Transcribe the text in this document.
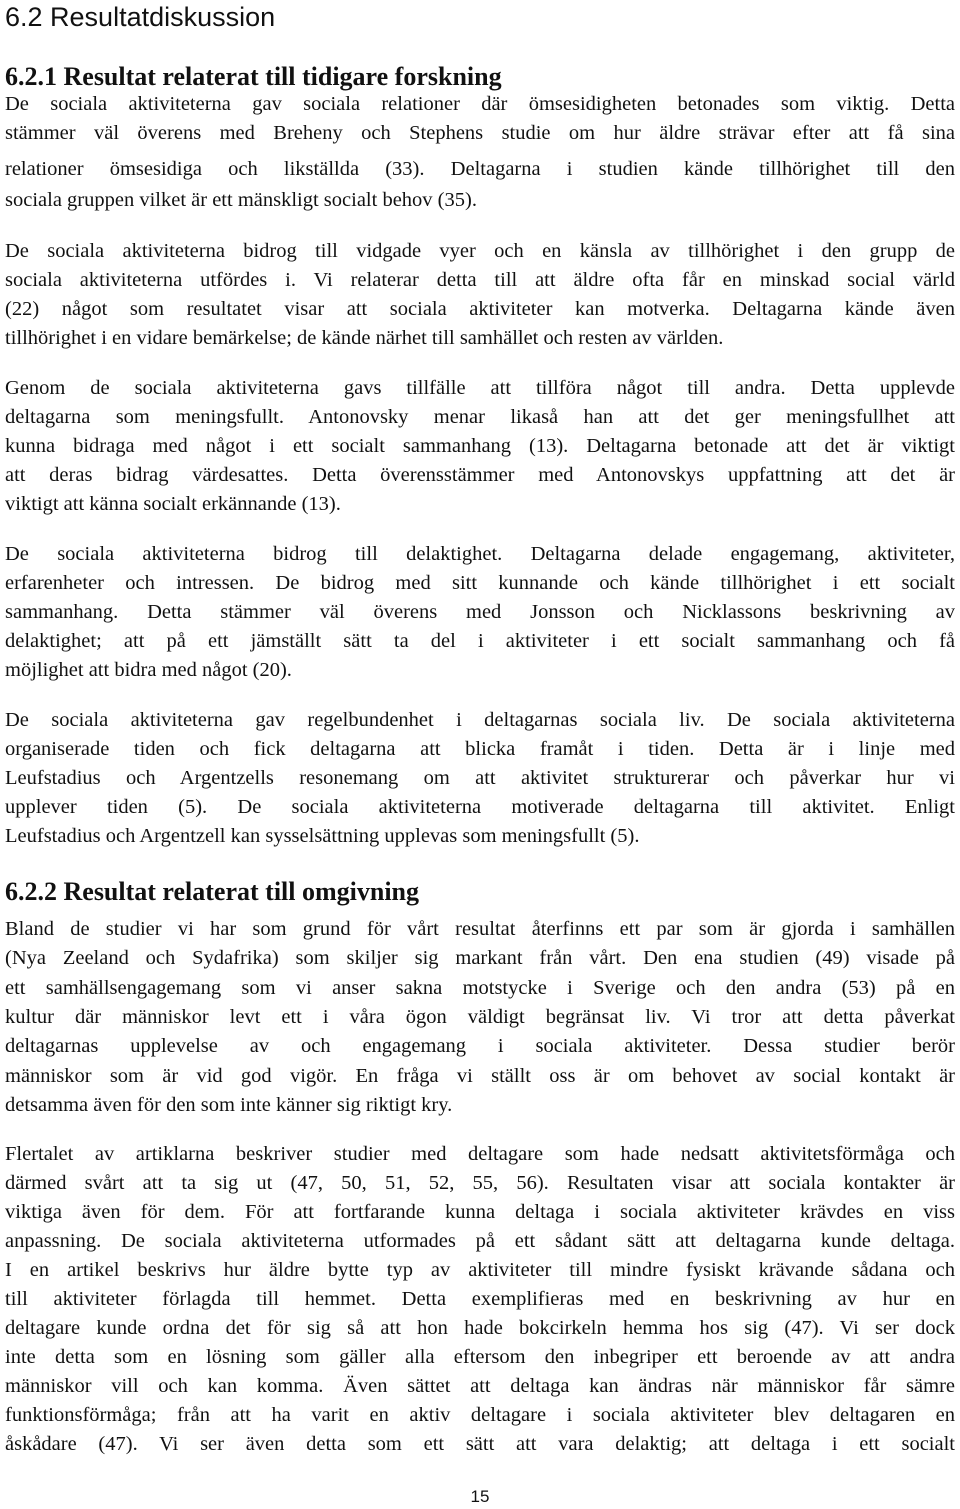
6.2 Resultatdiskussion
6.2.1 Resultat relaterat till tidigare forskning
De sociala aktiviteterna gav sociala relationer där ömsesidigheten betonades som viktig. Detta
stämmer väl överens med Breheny och Stephens studie om hur äldre strävar efter att få sina
relationer ömsesidiga och likställda (33). Deltagarna i studien kände tillhörighet till den
sociala gruppen vilket är ett mänskligt socialt behov (35).
De sociala aktiviteterna bidrog till vidgade vyer och en känsla av tillhörighet i den grupp de
sociala aktiviteterna utfördes i. Vi relaterar detta till att äldre ofta får en minskad social värld
(22) något som resultatet visar att sociala aktiviteter kan motverka. Deltagarna kände även
tillhörighet i en vidare bemärkelse; de kände närhet till samhället och resten av världen.
Genom de sociala aktiviteterna gavs tillfälle att tillföra något till andra. Detta upplevde
deltagarna som meningsfullt. Antonovsky menar likaså han att det ger meningsfullhet att
kunna bidraga med något i ett socialt sammanhang (13). Deltagarna betonade att det är viktigt
att deras bidrag värdesattes. Detta överensstämmer med Antonovskys uppfattning att det är
viktigt att känna socialt erkännande (13).
De sociala aktiviteterna bidrog till delaktighet. Deltagarna delade engagemang, aktiviteter,
erfarenheter och intressen. De bidrog med sitt kunnande och kände tillhörighet i ett socialt
sammanhang. Detta stämmer väl överens med Jonsson och Nicklassons beskrivning av
delaktighet; att på ett jämställt sätt ta del i aktiviteter i ett socialt sammanhang och få
möjlighet att bidra med något (20).
De sociala aktiviteterna gav regelbundenhet i deltagarnas sociala liv. De sociala aktiviteterna
organiserade tiden och fick deltagarna att blicka framåt i tiden. Detta är i linje med
Leufstadius och Argentzells resonemang om att aktivitet strukturerar och påverkar hur vi
upplever tiden (5). De sociala aktiviteterna motiverade deltagarna till aktivitet. Enligt
Leufstadius och Argentzell kan sysselsättning upplevas som meningsfullt (5).
6.2.2 Resultat relaterat till omgivning
Bland de studier vi har som grund för vårt resultat återfinns ett par som är gjorda i samhällen
(Nya Zeeland och Sydafrika) som skiljer sig markant från vårt. Den ena studien (49) visade på
ett samhällsengagemang som vi anser sakna motstycke i Sverige och den andra (53) på en
kultur där människor levt ett i våra ögon väldigt begränsat liv. Vi tror att detta påverkat
deltagarnas upplevelse av och engagemang i sociala aktiviteter. Dessa studier berör
människor som är vid god vigör. En fråga vi ställt oss är om behovet av social kontakt är
detsamma även för den som inte känner sig riktigt kry.
Flertalet av artiklarna beskriver studier med deltagare som hade nedsatt aktivitetsförmåga och
därmed svårt att ta sig ut (47, 50, 51, 52, 55, 56). Resultaten visar att sociala kontakter är
viktiga även för dem. För att fortfarande kunna deltaga i sociala aktiviteter krävdes en viss
anpassning. De sociala aktiviteterna utformades på ett sådant sätt att deltagarna kunde deltaga.
I en artikel beskrivs hur äldre bytte typ av aktiviteter till mindre fysiskt krävande sådana och
till aktiviteter förlagda till hemmet. Detta exemplifieras med en beskrivning av hur en
deltagare kunde ordna det för sig så att hon hade bokcirkeln hemma hos sig (47). Vi ser dock
inte detta som en lösning som gäller alla eftersom den inbegriper ett beroende av att andra
människor vill och kan komma. Även sättet att deltaga kan ändras när människor får sämre
funktionsförmåga; från att ha varit en aktiv deltagare i sociala aktiviteter blev deltagaren en
åskådare (47). Vi ser även detta som ett sätt att vara delaktig; att deltaga i ett socialt
15
